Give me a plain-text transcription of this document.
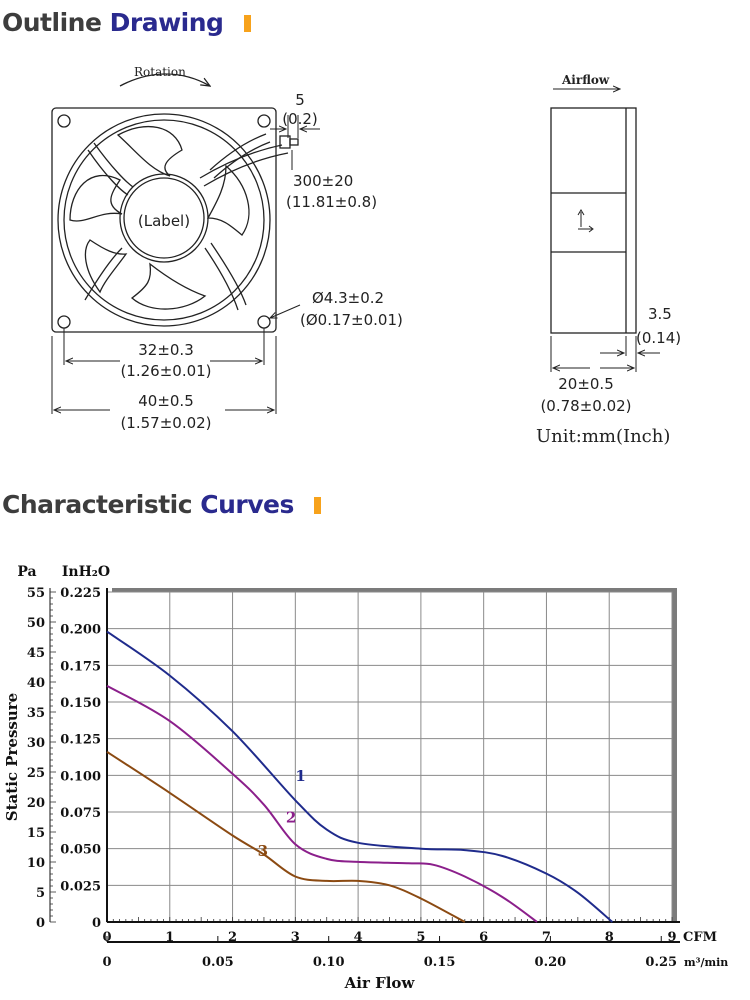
Outline Drawing
Rotation
(Label)
5
(0.2)
300±20
(11.81±0.8)
Ø4.3±0.2
(Ø0.17±0.01)
32±0.3
(1.26±0.01)
40±0.5
(1.57±0.02)
Airflow
3.5
(0.14)
20±0.5
(0.78±0.02)
Unit:mm(Inch)
Characteristic Curves
0
0.025
0.050
0.075
0.100
0.125
0.150
0.175
0.200
0.225
0
5
10
15
20
25
30
35
40
45
50
55
0	1	2	3	4	5	6	7	8	9
0	0.05	0.10	0.15	0.20	0.25
CFM
m³/min
Pa InH₂O
Air Flow
Static Pressure	1
2
3
